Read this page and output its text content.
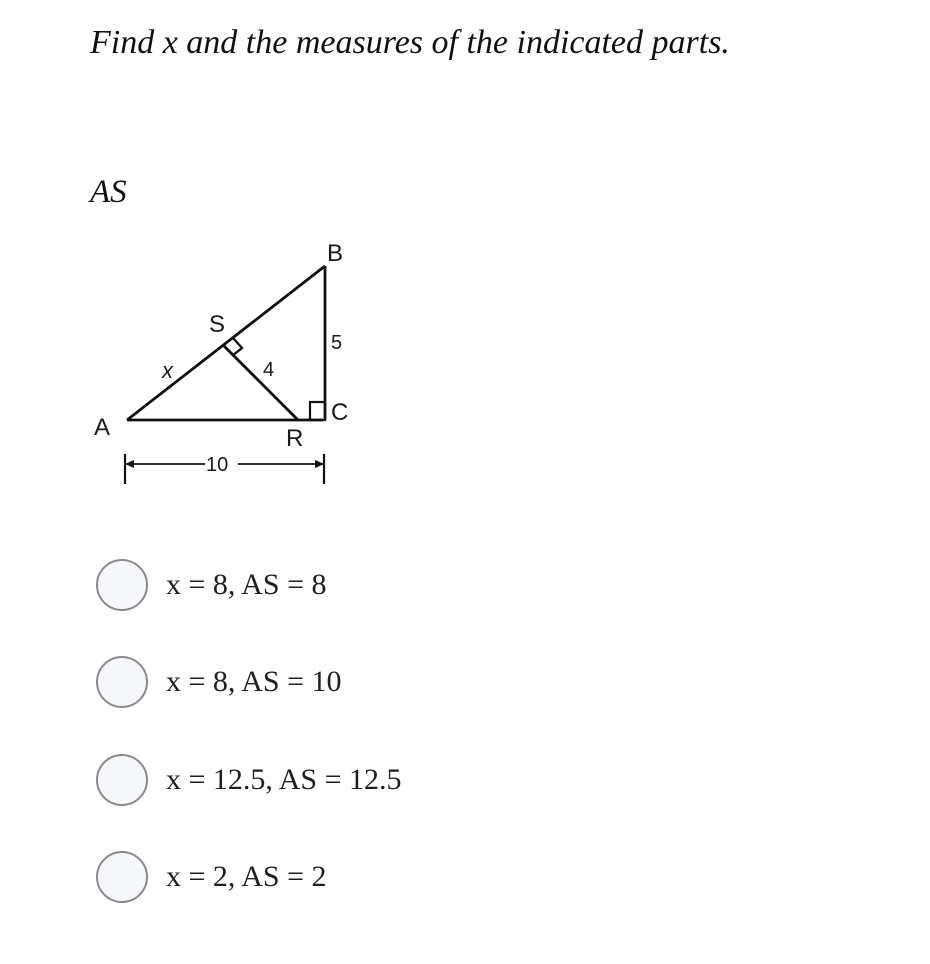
Find x and the measures of the indicated parts.
AS
A
B
C
R
S
x	4
5
10
x = 8, AS = 8
x = 8, AS = 10
x = 12.5, AS = 12.5
x = 2, AS = 2
